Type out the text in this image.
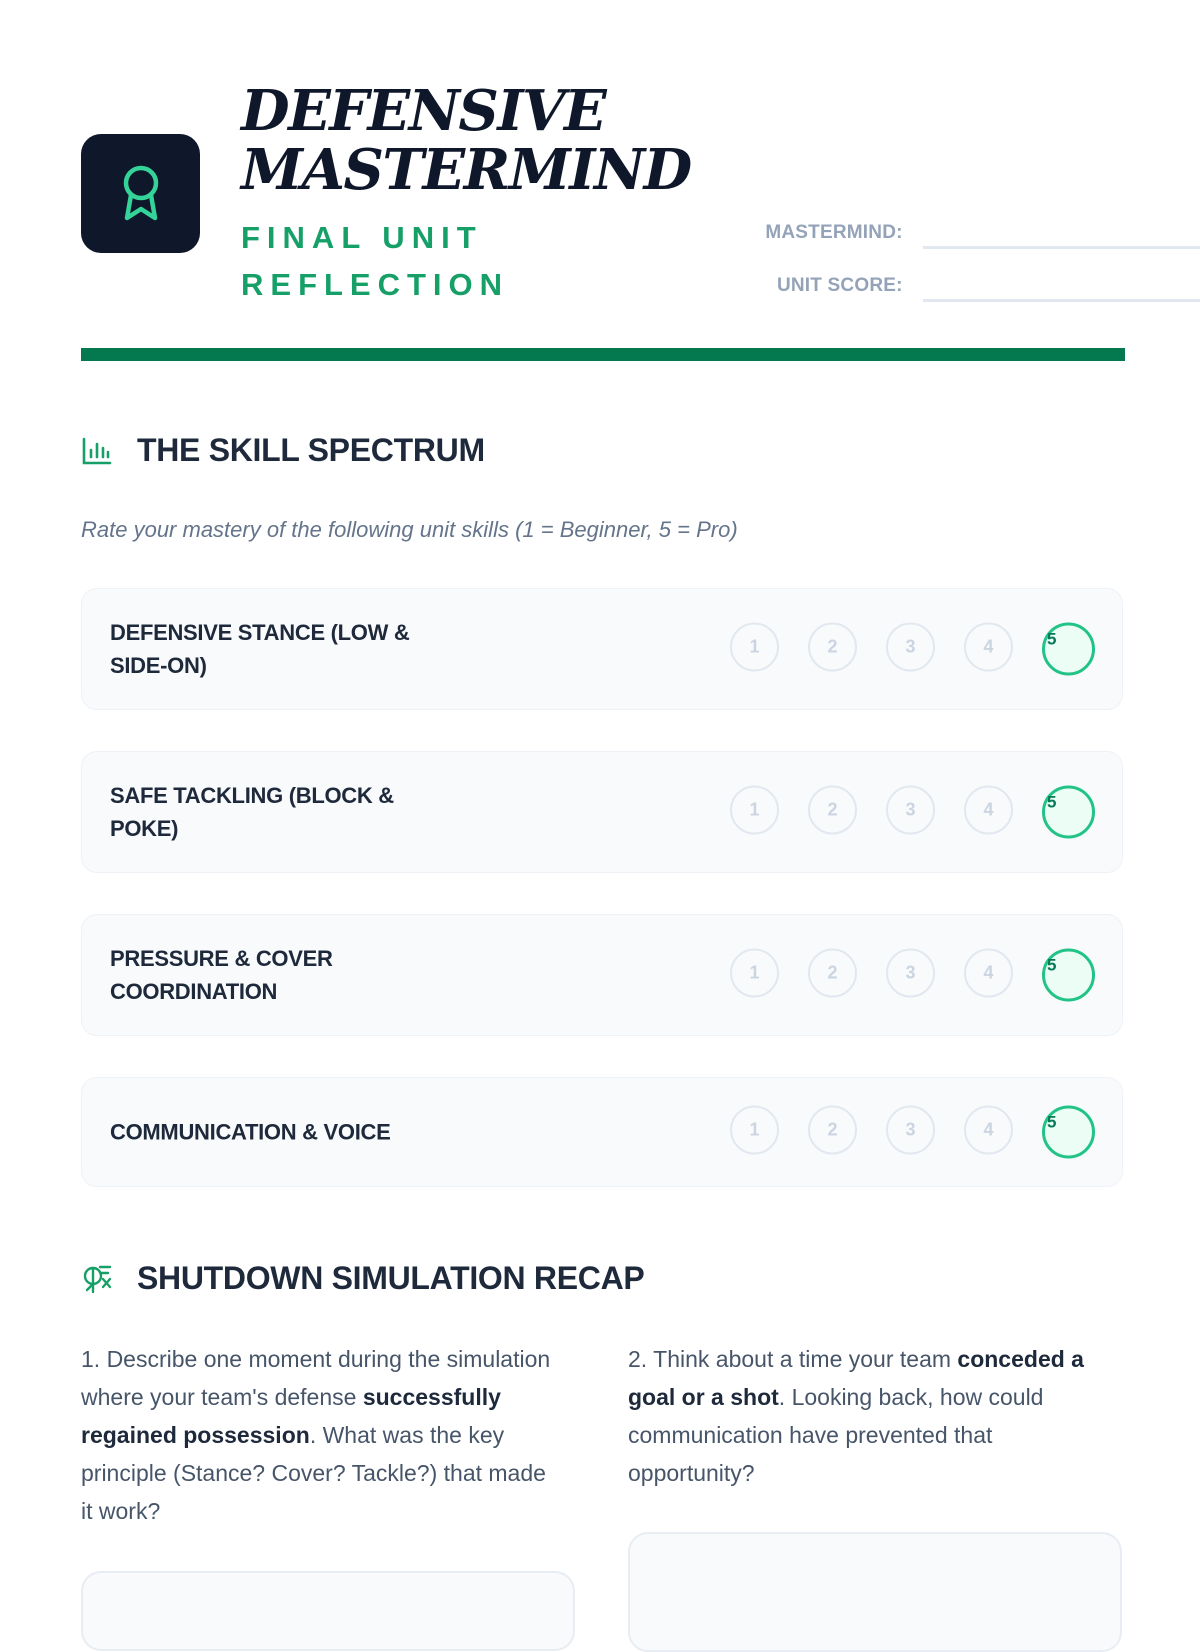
DEFENSIVE MASTERMIND
FINAL UNIT REFLECTION
MASTERMIND:
UNIT SCORE:
THE SKILL SPECTRUM
Rate your mastery of the following unit skills (1 = Beginner, 5 = Pro)
DEFENSIVE STANCE (LOW & SIDE-ON)
1	2	3	4	5
SAFE TACKLING (BLOCK & POKE)
1	2	3	4	5
PRESSURE & COVER COORDINATION
1	2	3	4	5
COMMUNICATION & VOICE	1	2	3	4	5
SHUTDOWN SIMULATION RECAP
1. Describe one moment during the simulation where your team's defense successfully regained possession. What was the key principle (Stance? Cover? Tackle?) that made it work?
2. Think about a time your team conceded a goal or a shot. Looking back, how could communication have prevented that opportunity?
